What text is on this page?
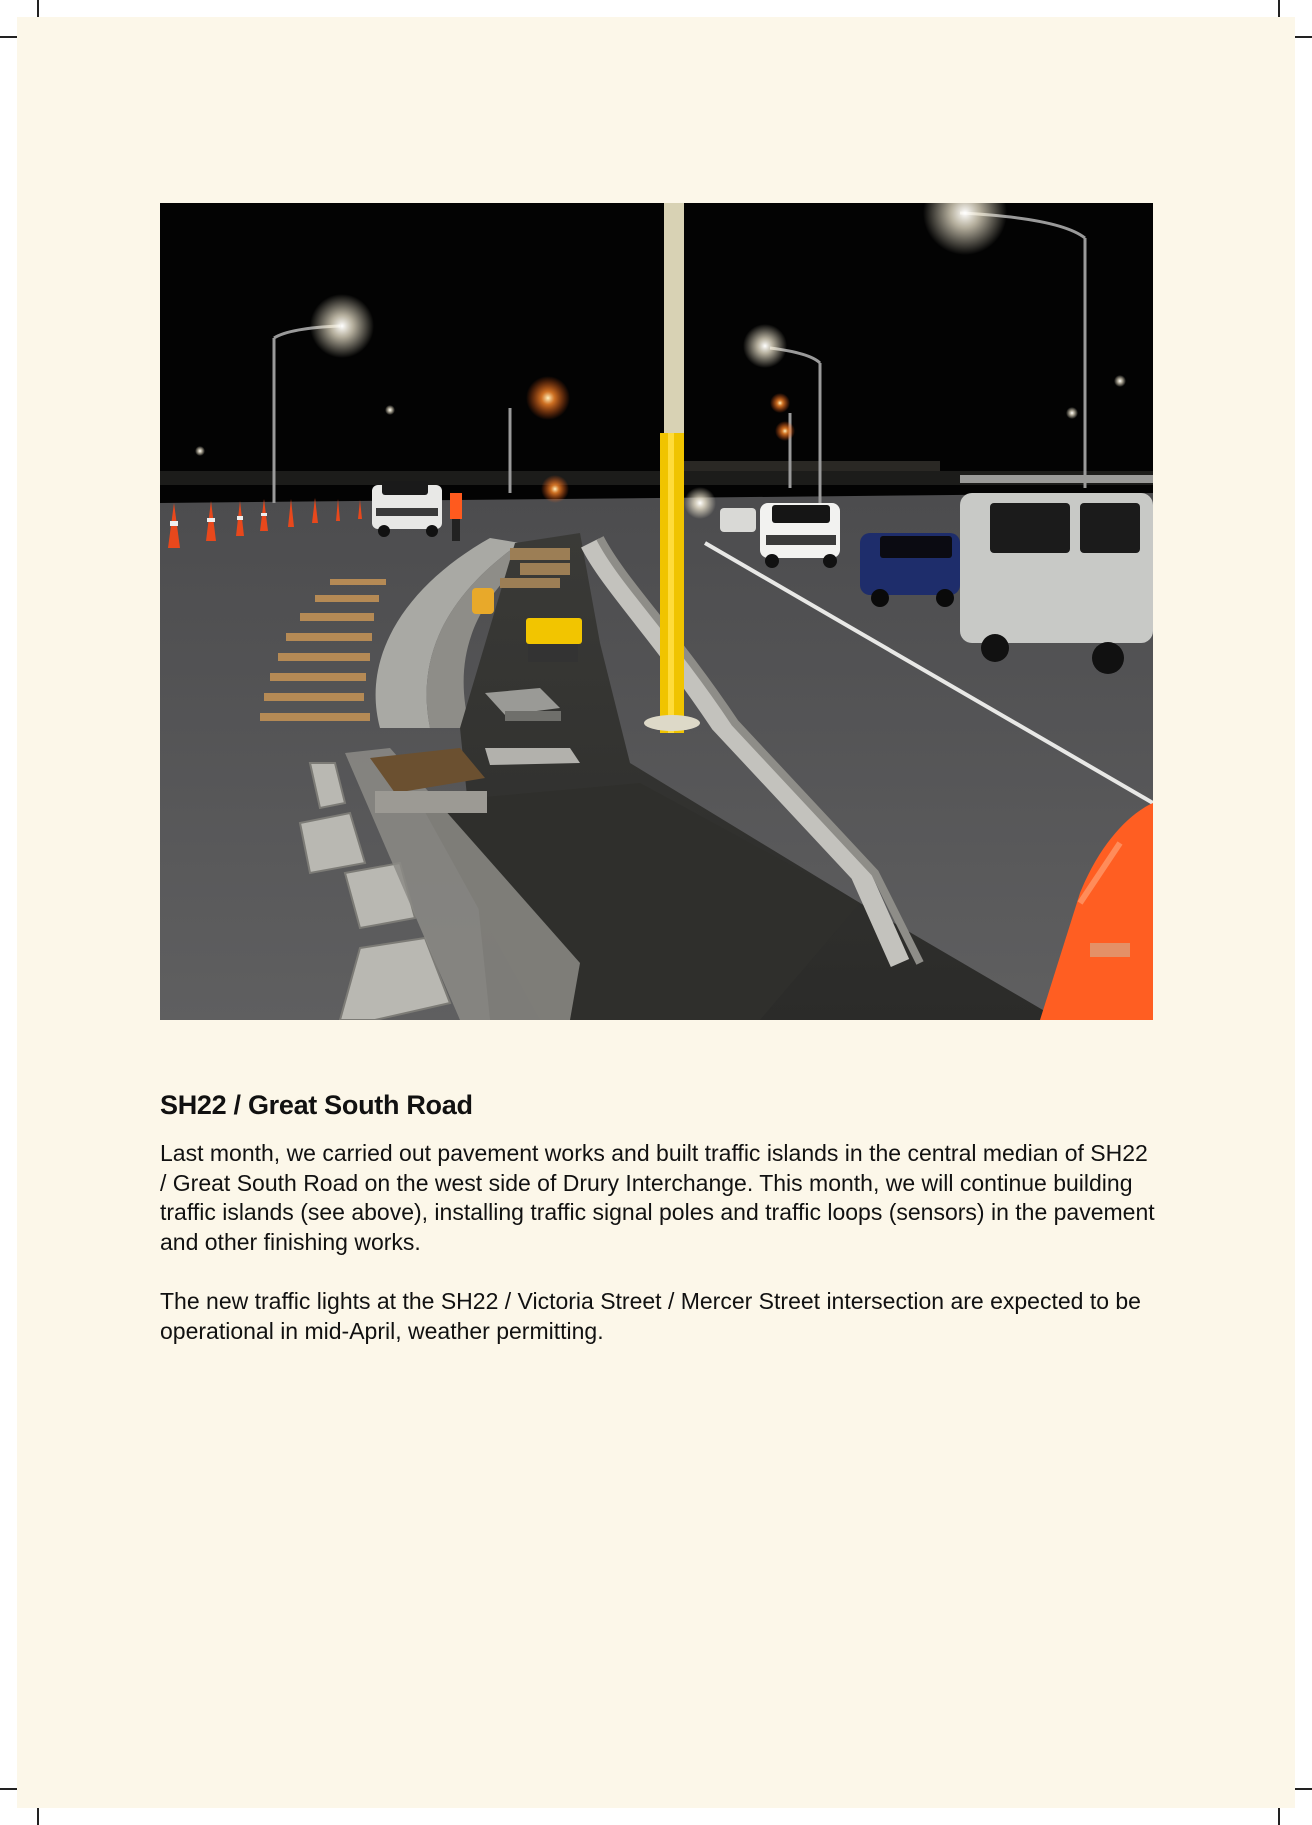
SH22 / Great South Road

Last month, we carried out pavement works and built traffic islands in the central median of SH22 / Great South Road on the west side of Drury Interchange. This month, we will continue building traffic islands (see above), installing traffic signal poles and traffic loops (sensors) in the pavement and other finishing works.

The new traffic lights at the SH22 / Victoria Street / Mercer Street intersection are expected to be operational in mid-April, weather permitting.
